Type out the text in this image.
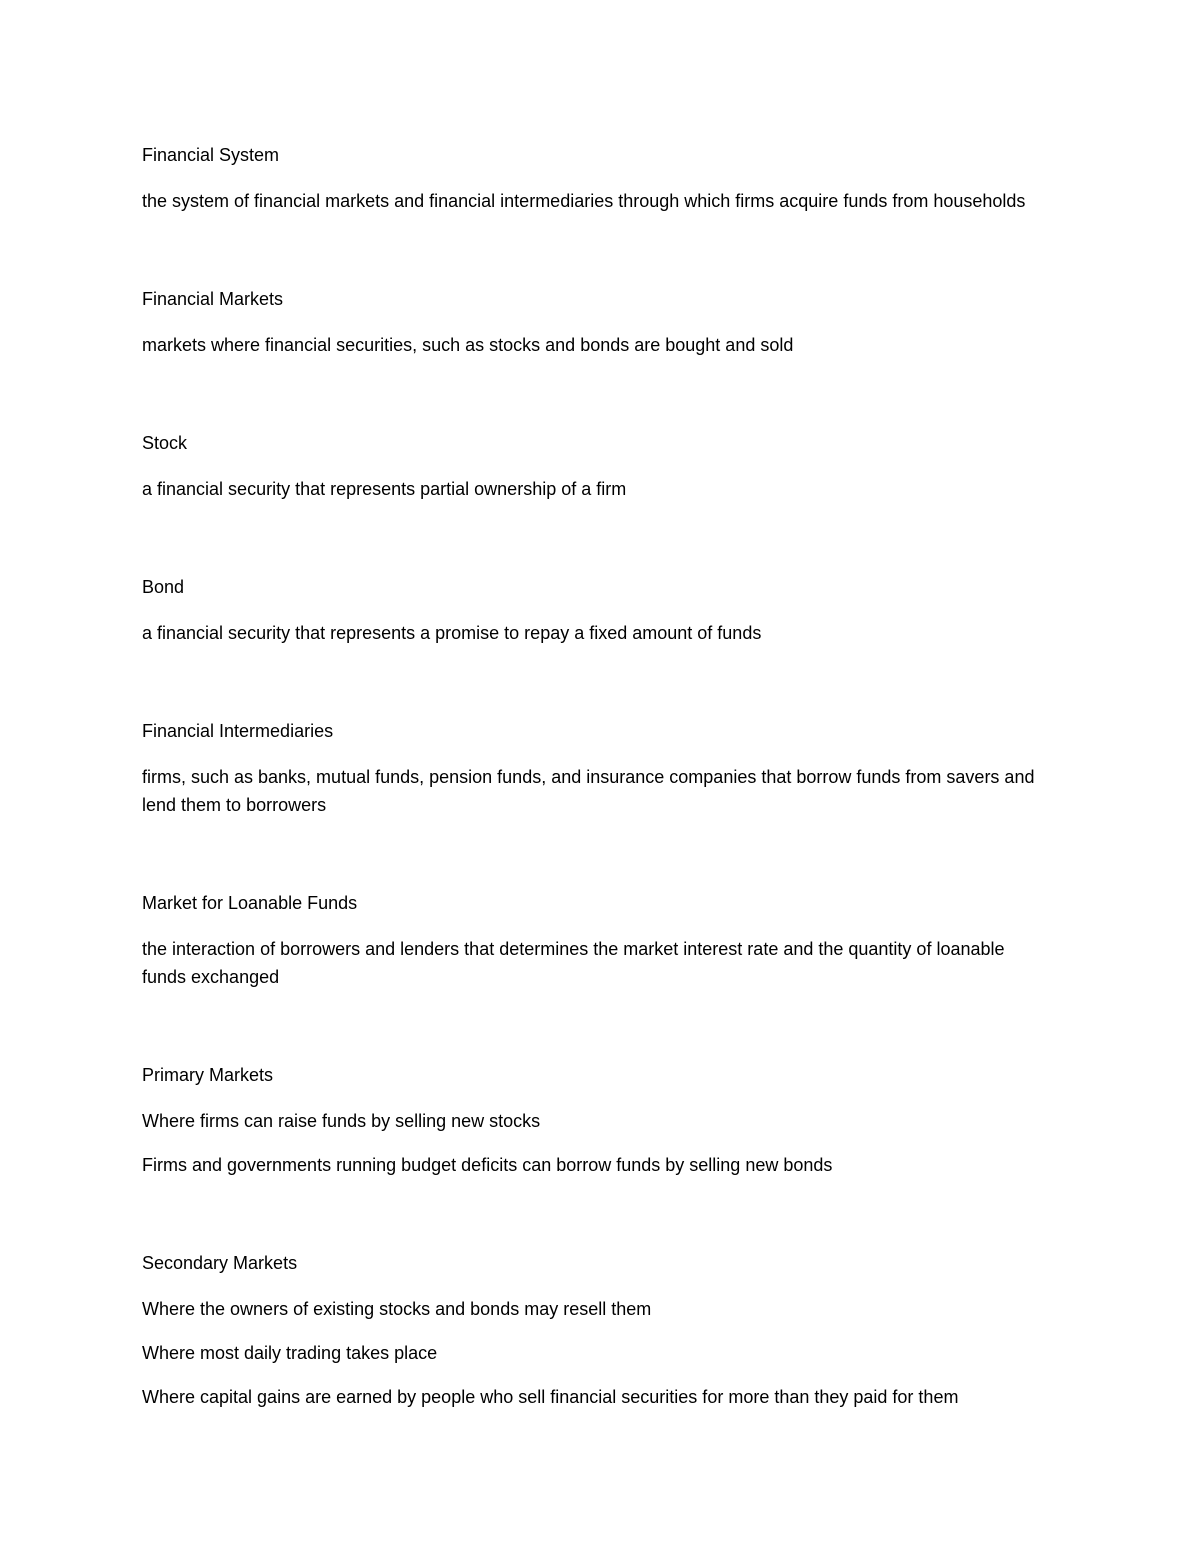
Financial System

the system of financial markets and financial intermediaries through which firms acquire funds from households

Financial Markets

markets where financial securities, such as stocks and bonds are bought and sold

Stock

a financial security that represents partial ownership of a firm

Bond

a financial security that represents a promise to repay a fixed amount of funds

Financial Intermediaries

firms, such as banks, mutual funds, pension funds, and insurance companies that borrow funds from savers and lend them to borrowers

Market for Loanable Funds

the interaction of borrowers and lenders that determines the market interest rate and the quantity of loanable funds exchanged

Primary Markets

Where firms can raise funds by selling new stocks

Firms and governments running budget deficits can borrow funds by selling new bonds

Secondary Markets

Where the owners of existing stocks and bonds may resell them

Where most daily trading takes place

Where capital gains are earned by people who sell financial securities for more than they paid for them
